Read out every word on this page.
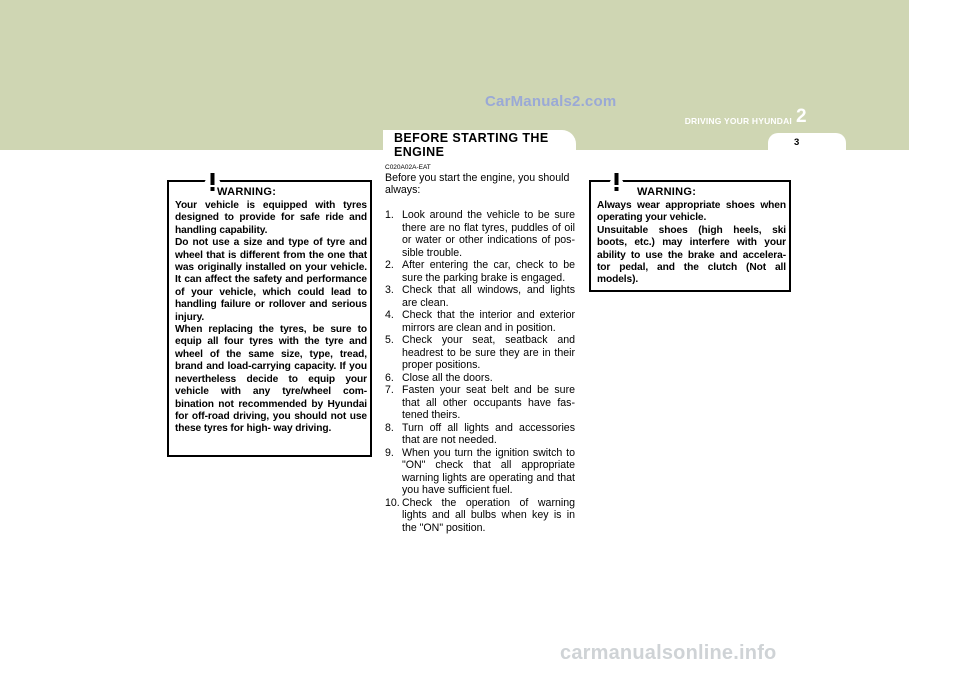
CarManuals2.com
DRIVING YOUR HYUNDAI 2
3
BEFORE STARTING THE ENGINE
WARNING:

Your vehicle is equipped with tyres designed to provide for safe ride and handling capability.

Do not use a size and type of tyre and wheel that is different from the one that was originally installed on your vehicle. It can affect the safety and performance of your vehicle, which could lead to handling failure or rollover and serious injury.

When replacing the tyres, be sure to equip all four tyres with the tyre and wheel of the same size, type, tread, brand and load-carrying capacity. If you nevertheless decide to equip your vehicle with any tyre/wheel com- bination not recommended by Hyundai for off-road driving, you should not use these tyres for high- way driving.

C020A02A-EAT
Before you start the engine, you should always:
1. Look around the vehicle to be sure there are no flat tyres, puddles of oil or water or other indications of pos- sible trouble.
2. After entering the car, check to be sure the parking brake is engaged.
3. Check that all windows, and lights are clean.
4. Check that the interior and exterior mirrors are clean and in position.
5. Check your seat, seatback and headrest to be sure they are in their proper positions.
6. Close all the doors.
7. Fasten your seat belt and be sure that all other occupants have fas- tened theirs.
8. Turn off all lights and accessories that are not needed.
9. When you turn the ignition switch to "ON" check that all appropriate warning lights are operating and that you have sufficient fuel.
10. Check the operation of warning lights and all bulbs when key is in the "ON" position.
WARNING:

Always wear appropriate shoes when operating your vehicle.

Unsuitable shoes (high heels, ski boots, etc.) may interfere with your ability to use the brake and accelera- tor pedal, and the clutch (Not all models).

carmanualsonline.info
